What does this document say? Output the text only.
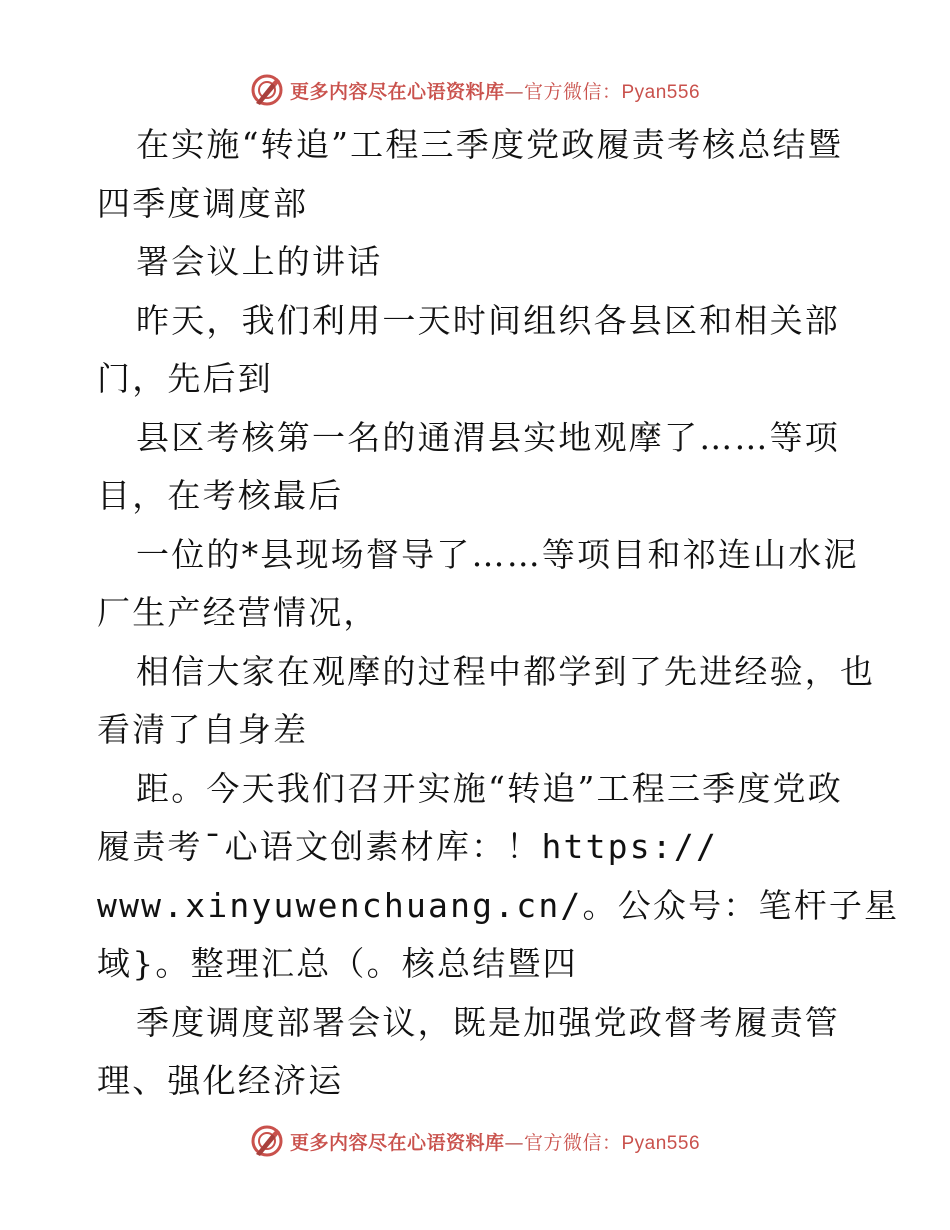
更多内容尽在心语资料库—官方微信：Pyan556
在实施“转追”工程三季度党政履责考核总结暨
四季度调度部
署会议上的讲话
昨天，我们利用一天时间组织各县区和相关部
门，先后到
县区考核第一名的通渭县实地观摩了……等项
目，在考核最后
一位的*县现场督导了……等项目和祁连山水泥
厂生产经营情况，
相信大家在观摩的过程中都学到了先进经验，也
看清了自身差
距。今天我们召开实施“转追”工程三季度党政
履责考¯心语文创素材库：！https://
www.xinyuwenchuang.cn/。公众号：笔杆子星
域}。整理汇总（。核总结暨四
季度调度部署会议，既是加强党政督考履责管
理、强化经济运
更多内容尽在心语资料库—官方微信：Pyan556
